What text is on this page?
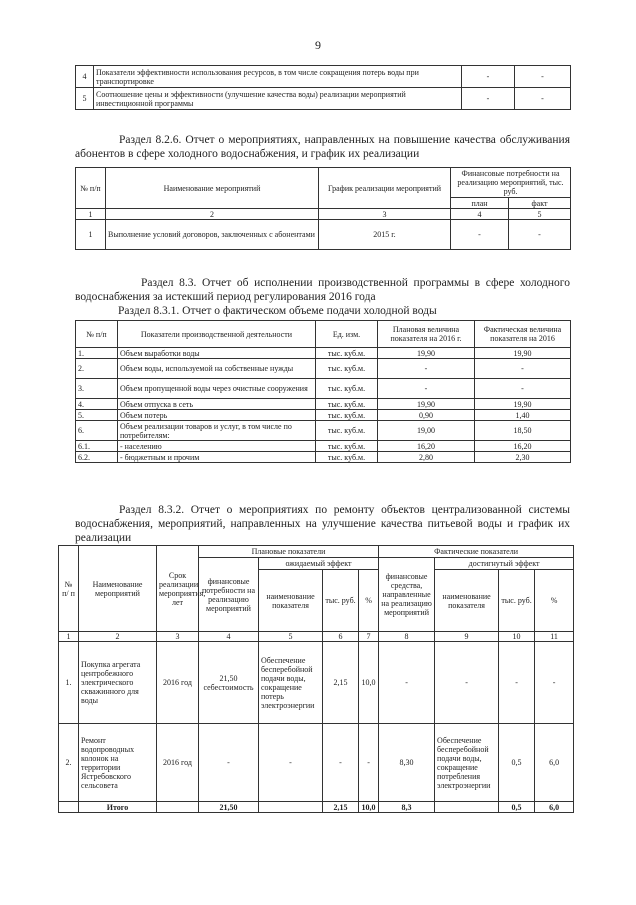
9
4	Показатели эффективности использования ресурсов, в том числе сокращения потерь воды при транспортировке	-	-
5	Соотношение цены и эффективности (улучшение качества воды) реализации мероприятий инвестиционной программы	-	-
Раздел 8.2.6. Отчет о мероприятиях, направленных на повышение качества обслуживания абонентов в сфере холодного водоснабжения, и график их реализации
№ п/п	Наименование мероприятий	График реализации мероприятий	Финансовые потребности на реализацию мероприятий, тыс. руб.	
			план	факт
1	2	3	4	5
1	Выполнение условий договоров, заключенных с абонентами	2015 г.	-	-
Раздел 8.3. Отчет об исполнении производственной программы в сфере холодного водоснабжения за истекший период регулирования 2016 года
Раздел 8.3.1. Отчет о фактическом объеме подачи холодной воды
№ п/п	Показатели производственной деятельности	Ед. изм.	Плановая величина показателя на 2016 г.	Фактическая величина показателя на 2016
1.	Объем выработки воды	тыс. куб.м.	19,90	19,90
2.	Объем воды, используемой на собственные нужды	тыс. куб.м.	-	-
3.	Объем пропущенной воды через очистные сооружения	тыс. куб.м.	-	-
4.	Объем отпуска в сеть	тыс. куб.м.	19,90	19,90
5.	Объем потерь	тыс. куб.м.	0,90	1,40
6.	Объем реализации товаров и услуг, в том числе по потребителям:	тыс. куб.м.	19,00	18,50
6.1.	- населению	тыс. куб.м.	16,20	16,20
6.2.	- бюджетным и прочим	тыс. куб.м.	2,80	2,30
Раздел 8.3.2. Отчет о мероприятиях по ремонту объектов централизованной системы водоснабжения, мероприятий, направленных на улучшение качества питьевой воды и график их реализации
№ п/ п	Наименование мероприятий	Срок реализации мероприятия, лет	Плановые показатели				Фактические показатели			
			финансовые потребности на реализацию мероприятий	ожидаемый эффект			финансовые средства, направленные на реализацию мероприятий	достигнутый эффект		
				наименование показателя	тыс. руб.	%		наименование показателя	тыс. руб.	%
1	2	3	4	5	6	7	8	9	10	11
1.	Покупка агрегата центробежного электрического скважинного для воды	2016 год	21,50 себестоимость	Обеспечение бесперебойной подачи воды, сокращение потерь электроэнергии	2,15	10,0	-	-	-	-
2.	Ремонт водопроводных колонок на территории Ястребовского сельсовета	2016 год	-	-	-	-	8,30	Обеспечение бесперебойной подачи воды, сокращение потребления электроэнергии	0,5	6,0
	Итого		21,50		2,15	10,0	8,3		0,5	6,0
